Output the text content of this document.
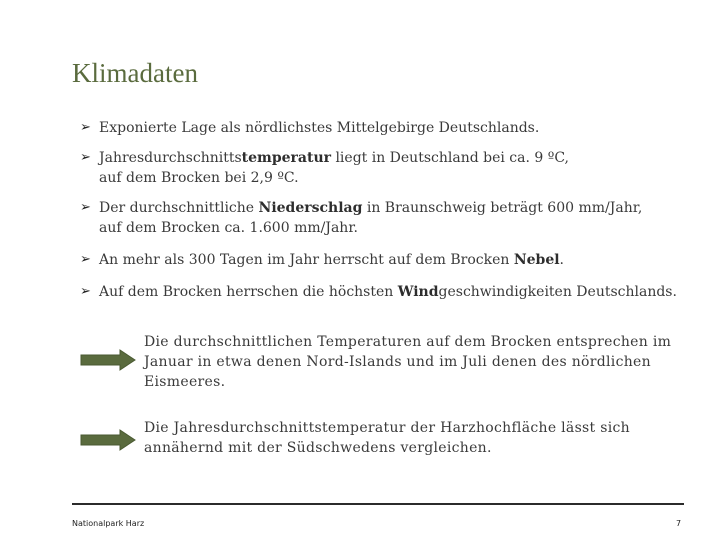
Klimadaten
➢ Exponierte Lage als nördlichstes Mittelgebirge Deutschlands.
➢ Jahresdurchschnittstemperatur liegt in Deutschland bei ca. 9 ºC,
auf dem Brocken bei 2,9 ºC.
➢ Der durchschnittliche Niederschlag in Braunschweig beträgt 600 mm/Jahr,
auf dem Brocken ca. 1.600 mm/Jahr.
➢ An mehr als 300 Tagen im Jahr herrscht auf dem Brocken Nebel.
➢ Auf dem Brocken herrschen die höchsten Windgeschwindigkeiten Deutschlands.
Die durchschnittlichen Temperaturen auf dem Brocken entsprechen im Januar in etwa denen Nord-Islands und im Juli denen des nördlichen Eismeeres.
Die Jahresdurchschnittstemperatur der Harzhochfläche lässt sich annähernd mit der Südschwedens vergleichen.
Nationalpark Harz	7
